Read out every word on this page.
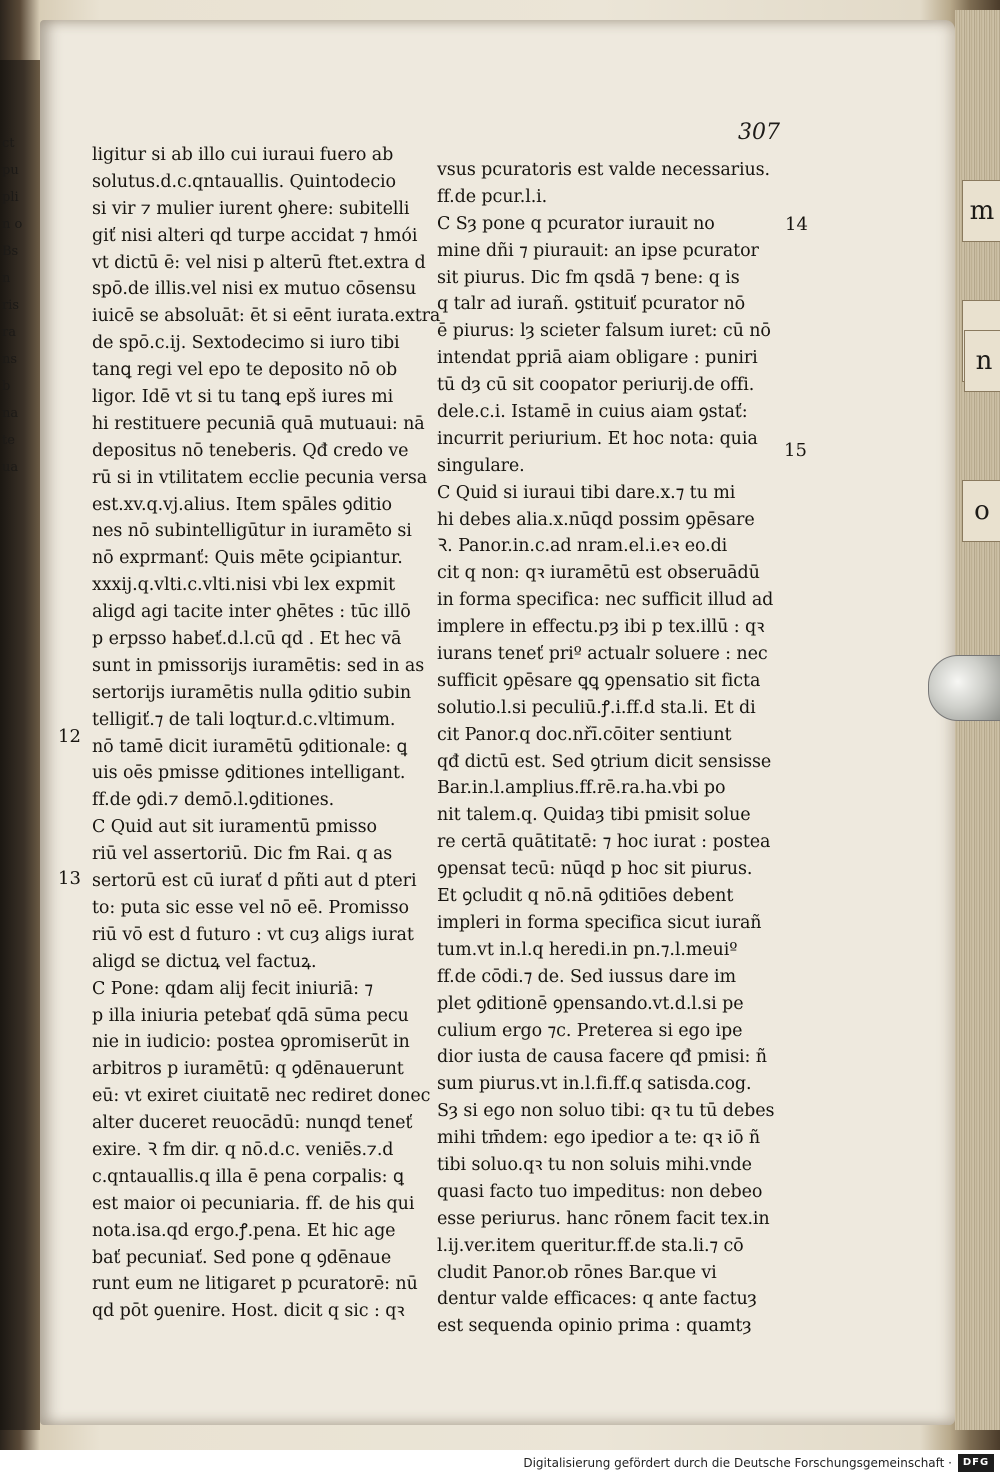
ct
pu
pli
n o
Bs
n
ris
ra
ns
b
na
te
ua
m
n
o
307
ligitur si ab illo cui iuraui fuero ab
solutus.d.c.qntauallis. Quintodecio
si vir ⁊ mulier iurent ꝯhere: subitelli
giť nisi alteri qd turpe accidat ⁊ hmói
vt dictū ē: vel nisi p alterū ftet.extra d
spō.de illis.vel nisi ex mutuo cōsensu
iuicē se absoluāt: ēt si eēnt iurata.extra
de spō.c.ij. Sextodecimo si iuro tibi
tanꝗ regi vel epo te deposito nō ob
ligor. Idē vt si tu tanꝗ epš iures mi
hi restituere pecuniā quā mutuaui: nā
depositus nō teneberis. Qđ credo ve
rū si in vtilitatem ecclie pecunia versa
est.xv.q.vj.alius. Item spāles ꝯditio
nes nō subintelligūtur in iuramēto si
nō exprmanť: Quis mēte ꝯcipiantur.
xxxij.q.vlti.c.vlti.nisi vbi lex expmit
aligd agi tacite inter ꝯhētes : tūc illō
p erpsso habeť.d.l.cū qd . Et hec vā
sunt in pmissorijs iuramētis: sed in as
sertorijs iuramētis nulla ꝯditio subin
telligiť.⁊ de tali loqtur.d.c.vltimum.
nō tamē dicit iuramētū ꝯditionale: ꝗ
uis oēs pmisse ꝯditiones intelligant.
ff.de ꝯdi.⁊ demō.l.ꝯditiones.
C Quid aut sit iuramentū pmisso
riū vel assertoriū. Dic fm Rai. q as
sertorū est cū iurať d pñti aut d pteri
to: puta sic esse vel nō eē. Promisso
riū vō est d futuro : vt cuȝ aligs iurat
aligd se dictuꝝ vel factuꝝ.
C Pone: qdam alij fecit iniuriā: ⁊
p illa iniuria petebať qdā sūma pecu
nie in iudicio: postea ꝯpromiserūt in
arbitros p iuramētū: q ꝯdēnauerunt
eū: vt exiret ciuitatē nec rediret donec
alter duceret reuocādū: nunqd teneť
exire. Ꝛ fm dir. q nō.d.c. veniēs.⁊.d
c.qntauallis.q illa ē pena corpalis: ꝗ
est maior oi pecuniaria. ff. de his qui
nota.isa.qd ergo.ꝭ.pena. Et hic age
bať pecuniať. Sed pone q ꝯdēnaue
runt eum ne litigaret p pcuratorē: nū
qd pōt ꝯuenire. Host. dicit q sic : qꝛ
vsus pcuratoris est valde necessarius.
ff.de pcur.l.i.
C Sȝ pone q pcurator iurauit no
mine dñi ⁊ piurauit: an ipse pcurator
sit piurus. Dic fm qsdā ⁊ bene: q is
q talr ad iurañ. ꝯstituiť pcurator nō
ē piurus: lȝ scieter falsum iuret: cū nō
intendat ppriā aiam obligare : puniri
tū dȝ cū sit coopator periurij.de offi.
dele.c.i. Istamē in cuius aiam ꝯstať:
incurrit periurium. Et hoc nota: quia
singulare.
C Quid si iuraui tibi dare.x.⁊ tu mi
hi debes alia.x.nūqd possim ꝯpēsare
Ꝛ. Panor.in.c.ad nram.el.i.eꝛ eo.di
cit q non: qꝛ iuramētū est obseruādū
in forma specifica: nec sufficit illud ad
implere in effectu.pȝ ibi p tex.illū : qꝛ
iurans teneť priº actualr soluere : nec
sufficit ꝯpēsare ꝗꝗ ꝯpensatio sit ficta
solutio.l.si peculiū.ꝭ.i.ff.d sta.li. Et di
cit Panor.q doc.nřī.cōiter sentiunt
qđ dictū est. Sed ꝯtrium dicit sensisse
Bar.in.l.amplius.ff.rē.ra.ha.vbi po
nit talem.q. Quidaȝ tibi pmisit solue
re certā quātitatē: ⁊ hoc iurat : postea
ꝯpensat tecū: nūqd p hoc sit piurus.
Et ꝯcludit q nō.nā ꝯditiōes debent
impleri in forma specifica sicut iurañ
tum.vt in.l.q heredi.in pn.⁊.l.meuiº
ff.de cōdi.⁊ de. Sed iussus dare im
plet ꝯditionē ꝯpensando.vt.d.l.si pe
culium ergo ⁊c. Preterea si ego ipe
dior iusta de causa facere qđ pmisi: ñ
sum piurus.vt in.l.fi.ff.q satisda.cog.
Sȝ si ego non soluo tibi: qꝛ tu tū debes
mihi tm̄dem: ego ipedior a te: qꝛ iō ñ
tibi soluo.qꝛ tu non soluis mihi.vnde
quasi facto tuo impeditus: non debeo
esse periurus. hanc rōnem facit tex.in
l.ij.ver.item queritur.ff.de sta.li.⁊ cō
cludit Panor.ob rōnes Bar.que vi
dentur valde efficaces: q ante factuȝ
est sequenda opinio prima : quamtȝ
12
13
14
15
Digitalisierung gefördert durch die Deutsche Forschungsgemeinschaft ·	DFG
